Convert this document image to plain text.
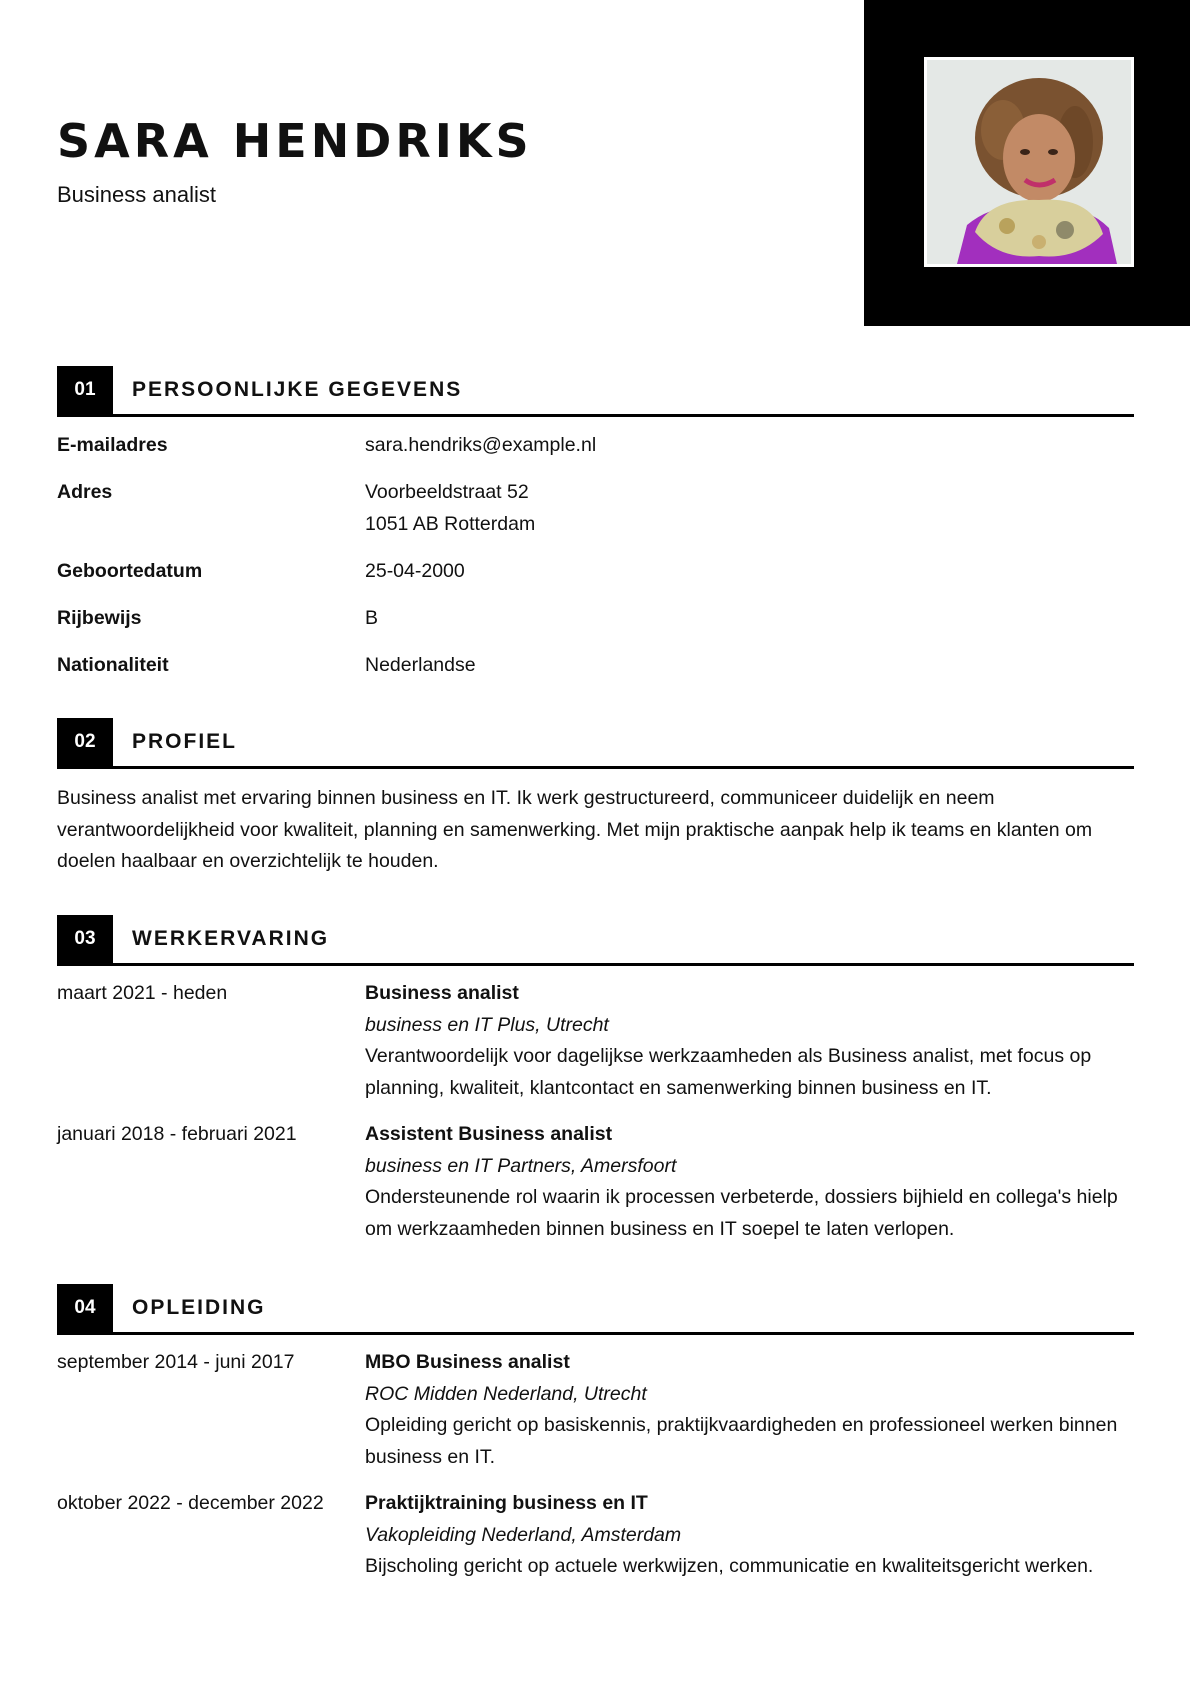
SARA HENDRIKS
Business analist
01	PERSOONLIJKE GEGEVENS
E-mailadres	sara.hendriks@example.nl
Adres	Voorbeeldstraat 52
1051 AB Rotterdam
Geboortedatum	25-04-2000
Rijbewijs	B
Nationaliteit	Nederlandse
02	PROFIEL
Business analist met ervaring binnen business en IT. Ik werk gestructureerd, communiceer duidelijk en neem verantwoordelijkheid voor kwaliteit, planning en samenwerking. Met mijn praktische aanpak help ik teams en klanten om doelen haalbaar en overzichtelijk te houden.
03	WERKERVARING
maart 2021 - heden	Business analist
business en IT Plus, Utrecht
Verantwoordelijk voor dagelijkse werkzaamheden als Business analist, met focus op planning, kwaliteit, klantcontact en samenwerking binnen business en IT.
januari 2018 - februari 2021	Assistent Business analist
business en IT Partners, Amersfoort
Ondersteunende rol waarin ik processen verbeterde, dossiers bijhield en collega's hielp om werkzaamheden binnen business en IT soepel te laten verlopen.
04	OPLEIDING
september 2014 - juni 2017	MBO Business analist
ROC Midden Nederland, Utrecht
Opleiding gericht op basiskennis, praktijkvaardigheden en professioneel werken binnen business en IT.
oktober 2022 - december 2022	Praktijktraining business en IT
Vakopleiding Nederland, Amsterdam
Bijscholing gericht op actuele werkwijzen, communicatie en kwaliteitsgericht werken.
